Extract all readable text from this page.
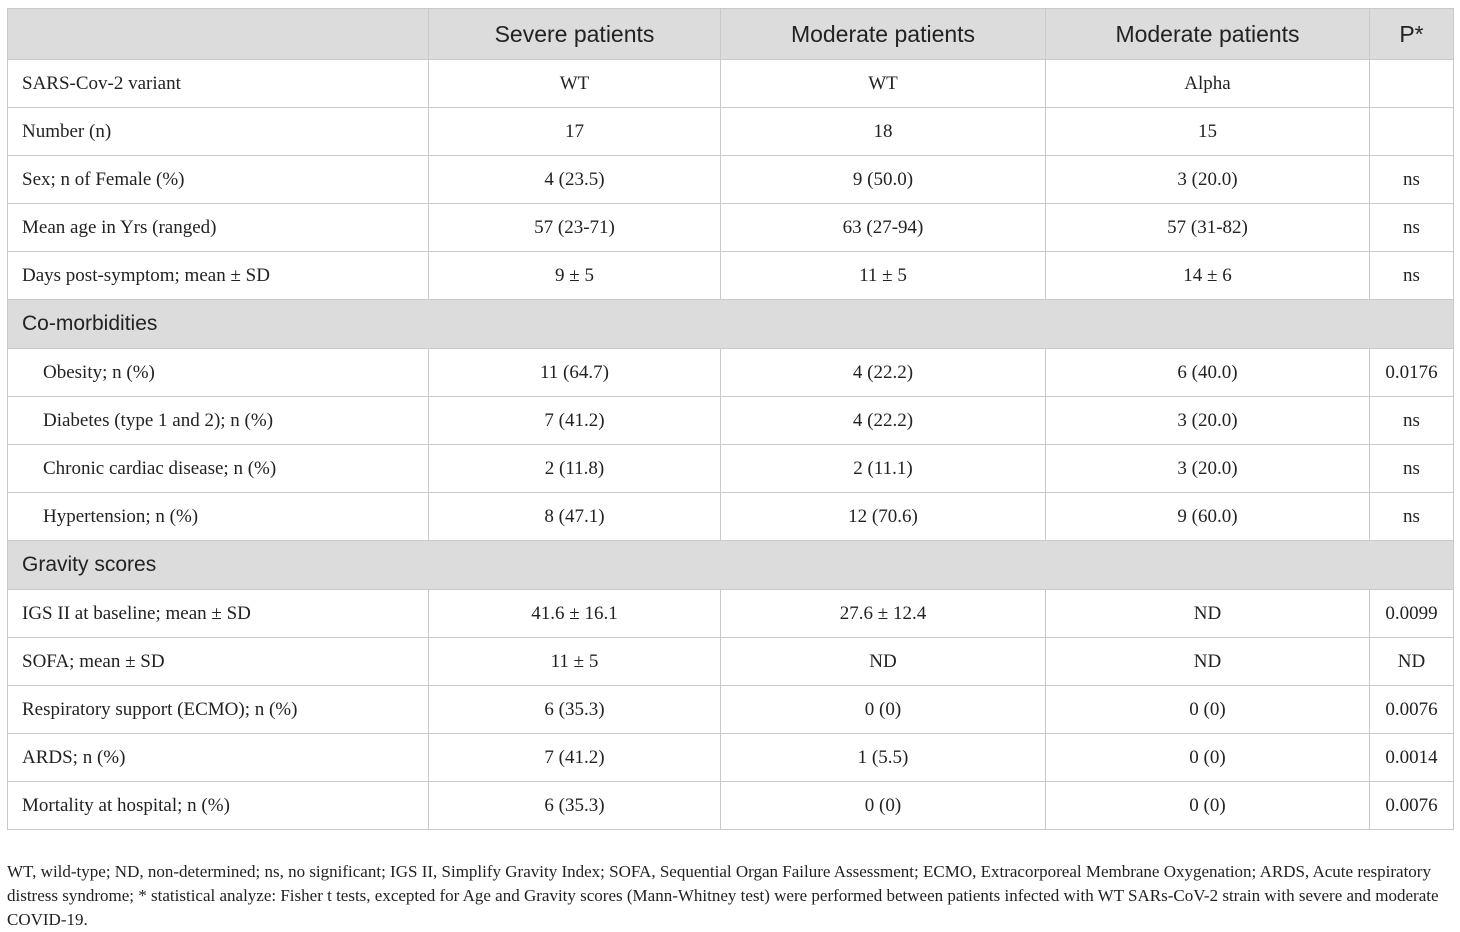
	Severe patients	Moderate patients	Moderate patients	P*
SARS-Cov-2 variant	WT	WT	Alpha	
Number (n)	17	18	15	
Sex; n of Female (%)	4 (23.5)	9 (50.0)	3 (20.0)	ns
Mean age in Yrs (ranged)	57 (23-71)	63 (27-94)	57 (31-82)	ns
Days post-symptom; mean ± SD	9 ± 5	11 ± 5	14 ± 6	ns
Co-morbidities				
Obesity; n (%)	11 (64.7)	4 (22.2)	6 (40.0)	0.0176
Diabetes (type 1 and 2); n (%)	7 (41.2)	4 (22.2)	3 (20.0)	ns
Chronic cardiac disease; n (%)	2 (11.8)	2 (11.1)	3 (20.0)	ns
Hypertension; n (%)	8 (47.1)	12 (70.6)	9 (60.0)	ns
Gravity scores				
IGS II at baseline; mean ± SD	41.6 ± 16.1	27.6 ± 12.4	ND	0.0099
SOFA; mean ± SD	11 ± 5	ND	ND	ND
Respiratory support (ECMO); n (%)	6 (35.3)	0 (0)	0 (0)	0.0076
ARDS; n (%)	7 (41.2)	1 (5.5)	0 (0)	0.0014
Mortality at hospital; n (%)	6 (35.3)	0 (0)	0 (0)	0.0076

WT, wild-type; ND, non-determined; ns, no significant; IGS II, Simplify Gravity Index; SOFA, Sequential Organ Failure Assessment; ECMO, Extracorporeal Membrane Oxygenation; ARDS, Acute respiratory distress syndrome; * statistical analyze: Fisher t tests, excepted for Age and Gravity scores (Mann-Whitney test) were performed between patients infected with WT SARs-CoV-2 strain with severe and moderate COVID-19.
